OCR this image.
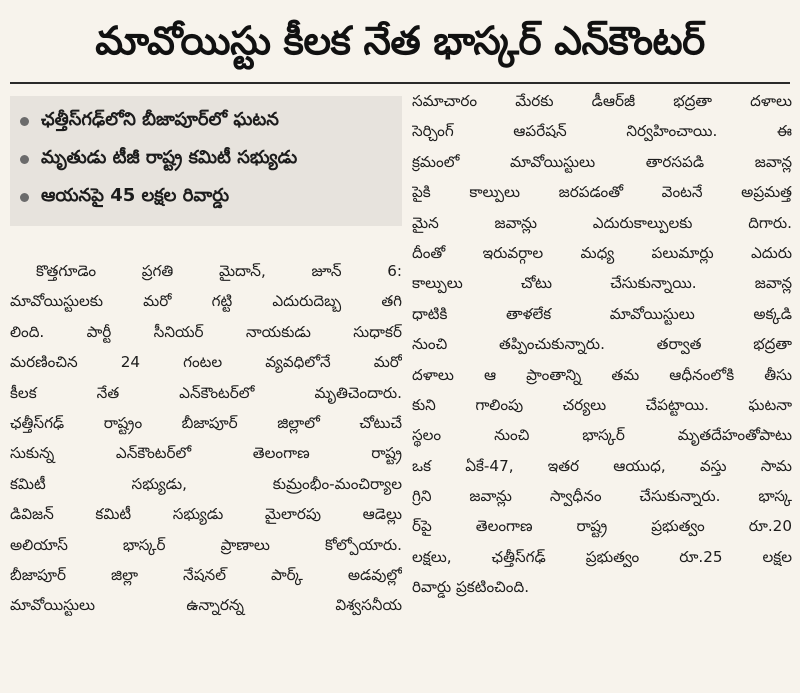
మావోయిస్టు కీలక నేత భాస్కర్ ఎన్‌కౌంటర్
ఛత్తీస్‌గఢ్‌లోని బీజాపూర్‌లో ఘటన
మృతుడు టీజీ రాష్ట్ర కమిటీ సభ్యుడు
ఆయనపై 45 లక్షల రివార్డు
కొత్తగూడెం ప్రగతి మైదాన్, జూన్ 6:
మావోయిస్టులకు మరో గట్టి ఎదురుదెబ్బ తగి
లింది. పార్టీ సీనియర్ నాయకుడు సుధాకర్
మరణించిన 24 గంటల వ్యవధిలోనే మరో
కీలక నేత ఎన్‌కౌంటర్‌లో మృతిచెందారు.
ఛత్తీస్‌గఢ్ రాష్ట్రం బీజాపూర్ జిల్లాలో చోటుచే
సుకున్న ఎన్‌కౌంటర్‌లో తెలంగాణ రాష్ట్ర
కమిటీ సభ్యుడు, కుమ్రంభీం-మంచిర్యాల
డివిజన్ కమిటీ సభ్యుడు మైలారపు ఆడెల్లు
అలియాస్ భాస్కర్ ప్రాణాలు కోల్పోయారు.
బీజాపూర్ జిల్లా నేషనల్ పార్క్ అడవుల్లో
మావోయిస్టులు ఉన్నారన్న విశ్వసనీయ
సమాచారం మేరకు డీఆర్‌జీ భద్రతా దళాలు
సెర్చింగ్ ఆపరేషన్ నిర్వహించాయి. ఈ
క్రమంలో మావోయిస్టులు తారసపడి జవాన్ల
పైకి కాల్పులు జరపడంతో వెంటనే అప్రమత్త
మైన జవాన్లు ఎదురుకాల్పులకు దిగారు.
దీంతో ఇరువర్గాల మధ్య పలుమార్లు ఎదురు
కాల్పులు చోటు చేసుకున్నాయి. జవాన్ల
ధాటికి తాళలేక మావోయిస్టులు అక్కడి
నుంచి తప్పించుకున్నారు. తర్వాత భద్రతా
దళాలు ఆ ప్రాంతాన్ని తమ ఆధీనంలోకి తీసు
కుని గాలింపు చర్యలు చేపట్టాయి. ఘటనా
స్థలం నుంచి భాస్కర్ మృతదేహంతోపాటు
ఒక ఏకే-47, ఇతర ఆయుధ, వస్తు సామ
గ్రిని జవాన్లు స్వాధీనం చేసుకున్నారు. భాస్క
ర్‌పై తెలంగాణ రాష్ట్ర ప్రభుత్వం రూ.20
లక్షలు, ఛత్తీస్‌గఢ్ ప్రభుత్వం రూ.25 లక్షల
రివార్డు ప్రకటించింది.
